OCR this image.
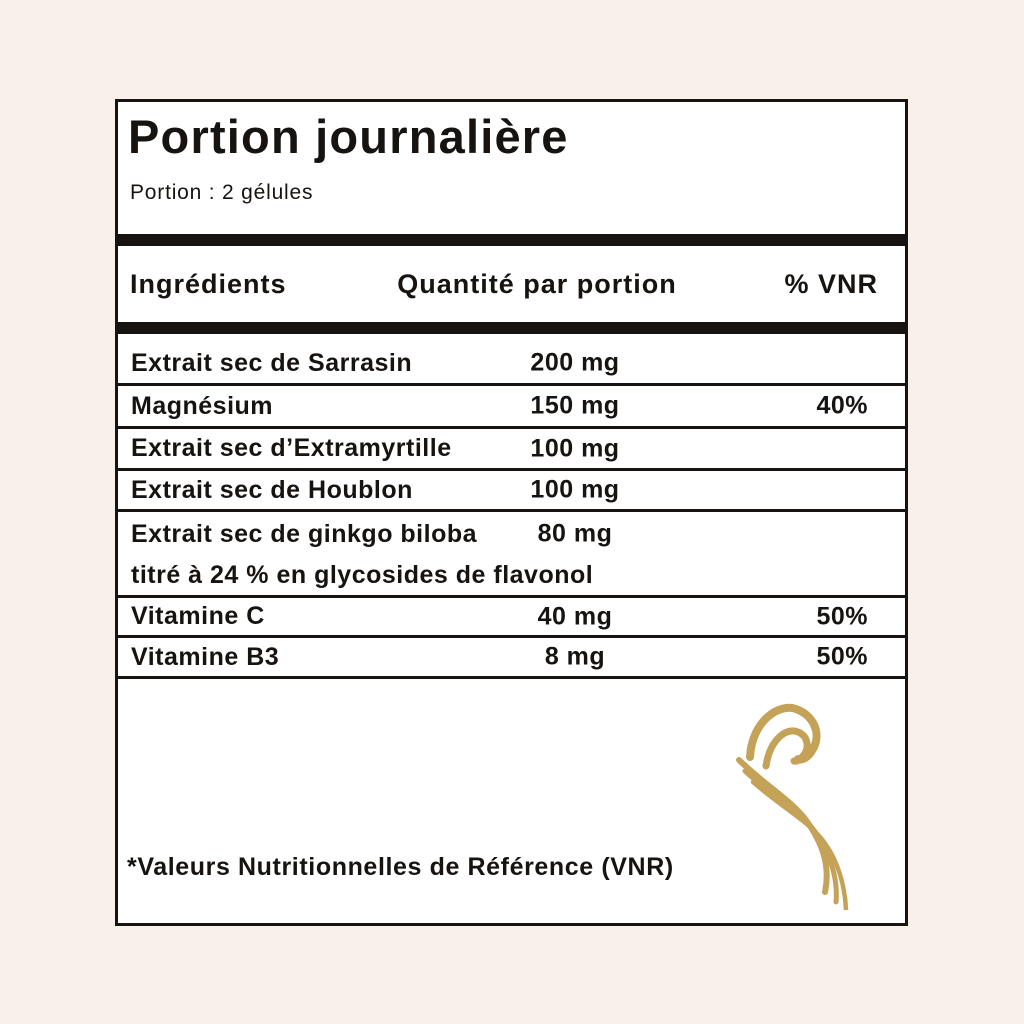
Portion journalière
Portion : 2 gélules
Ingrédients	Quantité par portion	% VNR
Extrait sec de Sarrasin	200 mg
Magnésium	150 mg	40%
Extrait sec d’Extramyrtille	100 mg
Extrait sec de Houblon	100 mg
Extrait sec de ginkgo biloba 80 mg
titré à 24 % en glycosides de flavonol
Vitamine C	40 mg	50%
Vitamine B3	8 mg	50%
*Valeurs Nutritionnelles de Référence (VNR)
